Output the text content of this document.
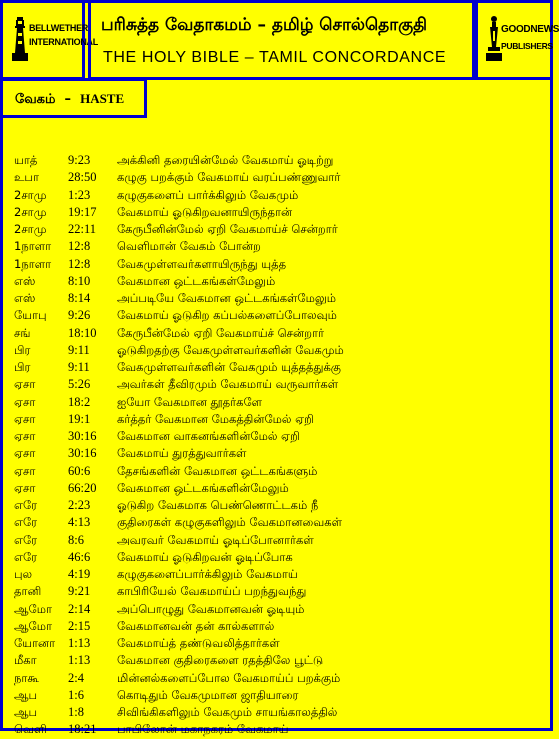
BELLWETHER
INTERNATIONAL
பரிசுத்த வேதாகமம் – தமிழ் சொல்தொகுதி
THE HOLY BIBLE – TAMIL CONCORDANCE
GOODNEWS
PUBLISHERS
வேகம் – HASTE
யாத் 9:23 அக்கினி தரையின்மேல் வேகமாய் ஓடிற்று
உபா 28:50 கழுகு பறக்கும் வேகமாய் வரப்பண்ணுவார்
2சாமு 1:23 கழுகுகளைப் பார்க்கிலும் வேகமும்
2சாமு 19:17 வேகமாய் ஓடுகிறவனாயிருந்தான்
2சாமு 22:11 கேருபீனின்மேல் ஏறி வேகமாய்ச் சென்றார்
1நாளா 12:8 வெளிமான் வேகம் போன்ற
1நாளா 12:8 வேகமுள்ளவர்களாயிருந்து யுத்த
எஸ்	8:10 வேகமான ஒட்டகங்கள்மேலும்
எஸ்	8:14 அப்படியே வேகமான ஒட்டகங்கள்மேலும்
யோபு 9:26 வேகமாய் ஓடுகிற கப்பல்களைப்போலவும்
சங்	18:10 கேருபீன்மேல் ஏறி வேகமாய்ச் சென்றார்
பிர	9:11 ஓடுகிறதற்கு வேகமுள்ளவர்களின் வேகமும்
பிர	9:11 வேகமுள்ளவர்களின் வேகமும் யுத்தத்துக்கு
ஏசா	5:26 அவர்கள் தீவிரமும் வேகமாய் வருவார்கள்
ஏசா	18:2 ஐயோ வேகமான தூதர்களே
ஏசா	19:1 கர்த்தர் வேகமான மேகத்தின்மேல் ஏறி
ஏசா	30:16 வேகமான வாகனங்களின்மேல் ஏறி
ஏசா	30:16 வேகமாய் துரத்துவார்கள்
ஏசா	60:6 தேசங்களின் வேகமான ஒட்டகங்களும்
ஏசா	66:20 வேகமான ஒட்டகங்களின்மேலும்
எரே 2:23 ஓடுகிற வேகமாக பெண்ணொட்டகம் நீ
எரே 4:13 குதிரைகள் கழுகுகளிலும் வேகமானவைகள்
எரே 8:6	அவரவர் வேகமாய் ஓடிப்போனார்கள்
எரே 46:6 வேகமாய் ஓடுகிறவன் ஓடிப்போக
புல	4:19 கழுகுகளைப்பார்க்கிலும் வேகமாய்
தானி 9:21 காபிரியேல் வேகமாய்ப் பறந்துவந்து
ஆமோ 2:14 அப்பொழுது வேகமானவன் ஓடியும்
ஆமோ 2:15 வேகமானவன் தன் கால்களால்
யோனா 1:13 வேகமாய்த் தண்டுவலித்தார்கள்
மீகா	1:13 வேகமான குதிரைகளை ரதத்திலே பூட்டு
நாகூ 2:4	மின்னல்களைப்போல வேகமாய்ப் பறக்கும்
ஆப 1:6	கொடிதும் வேகமுமான ஜாதியாரை
ஆப 1:8	சிவிங்கிகளிலும் வேகமும் சாயங்காலத்தில்
வெளி 18:21 பாபிலோன் மகாநகரம் வேகமாய்
